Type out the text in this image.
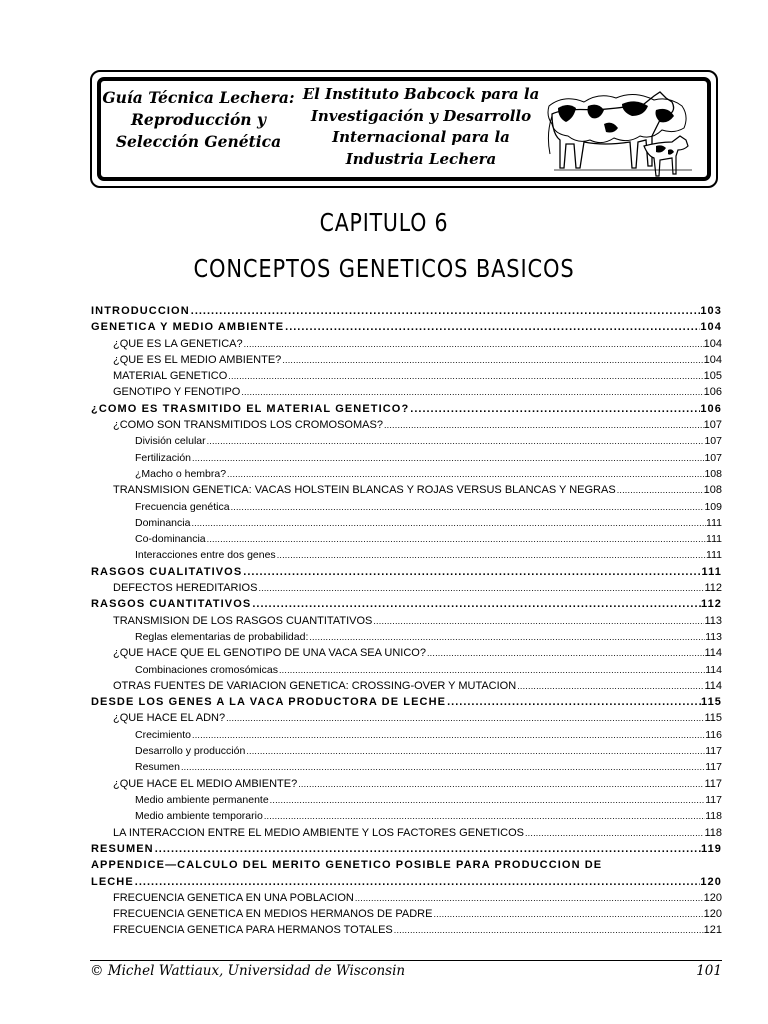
Guía Técnica Lechera:
Reproducción y
Selección Genética
El Instituto Babcock para la
Investigación y Desarrollo
Internacional para la
Industria Lechera
CAPITULO 6
CONCEPTOS GENETICOS BASICOS
INTRODUCCION .....	103
GENETICA Y MEDIO AMBIENTE .....	104
¿QUE ES LA GENETICA? .....	104
¿QUE ES EL MEDIO AMBIENTE? .....	104
MATERIAL GENETICO .....	105
GENOTIPO Y FENOTIPO .....	106
¿COMO ES TRASMITIDO EL MATERIAL GENETICO? .....	106
¿COMO SON TRANSMITIDOS LOS CROMOSOMAS? .....	107
División celular .....	107
Fertilización .....	107
¿Macho o hembra? .....	108
TRANSMISION GENETICA: VACAS HOLSTEIN BLANCAS Y ROJAS VERSUS BLANCAS Y NEGRAS .....	108
Frecuencia genética .....	109
Dominancia .....	111
Co-dominancia .....	111
Interacciones entre dos genes .....	111
RASGOS CUALITATIVOS .....	111
DEFECTOS HEREDITARIOS .....	112
RASGOS CUANTITATIVOS .....	112
TRANSMISION DE LOS RASGOS CUANTITATIVOS .....	113
Reglas elementarias de probabilidad: .....	113
¿QUE HACE QUE EL GENOTIPO DE UNA VACA SEA UNICO? .....	114
Combinaciones cromosómicas .....	114
OTRAS FUENTES DE VARIACION GENETICA: CROSSING-OVER Y MUTACION .....	114
DESDE LOS GENES A LA VACA PRODUCTORA DE LECHE .....	115
¿QUE HACE EL ADN? .....	115
Crecimiento .....	116
Desarrollo y producción .....	117
Resumen .....	117
¿QUE HACE EL MEDIO AMBIENTE? .....	117
Medio ambiente permanente .....	117
Medio ambiente temporario .....	118
LA INTERACCION ENTRE EL MEDIO AMBIENTE Y LOS FACTORES GENETICOS .....	118
RESUMEN .....	119
APPENDICE—CALCULO DEL MERITO GENETICO POSIBLE PARA PRODUCCION DE
LECHE .....	120
FRECUENCIA GENETICA EN UNA POBLACION .....	120
FRECUENCIA GENETICA EN MEDIOS HERMANOS DE PADRE .....	120
FRECUENCIA GENETICA PARA HERMANOS TOTALES .....	121
© Michel Wattiaux, Universidad de Wisconsin	101
